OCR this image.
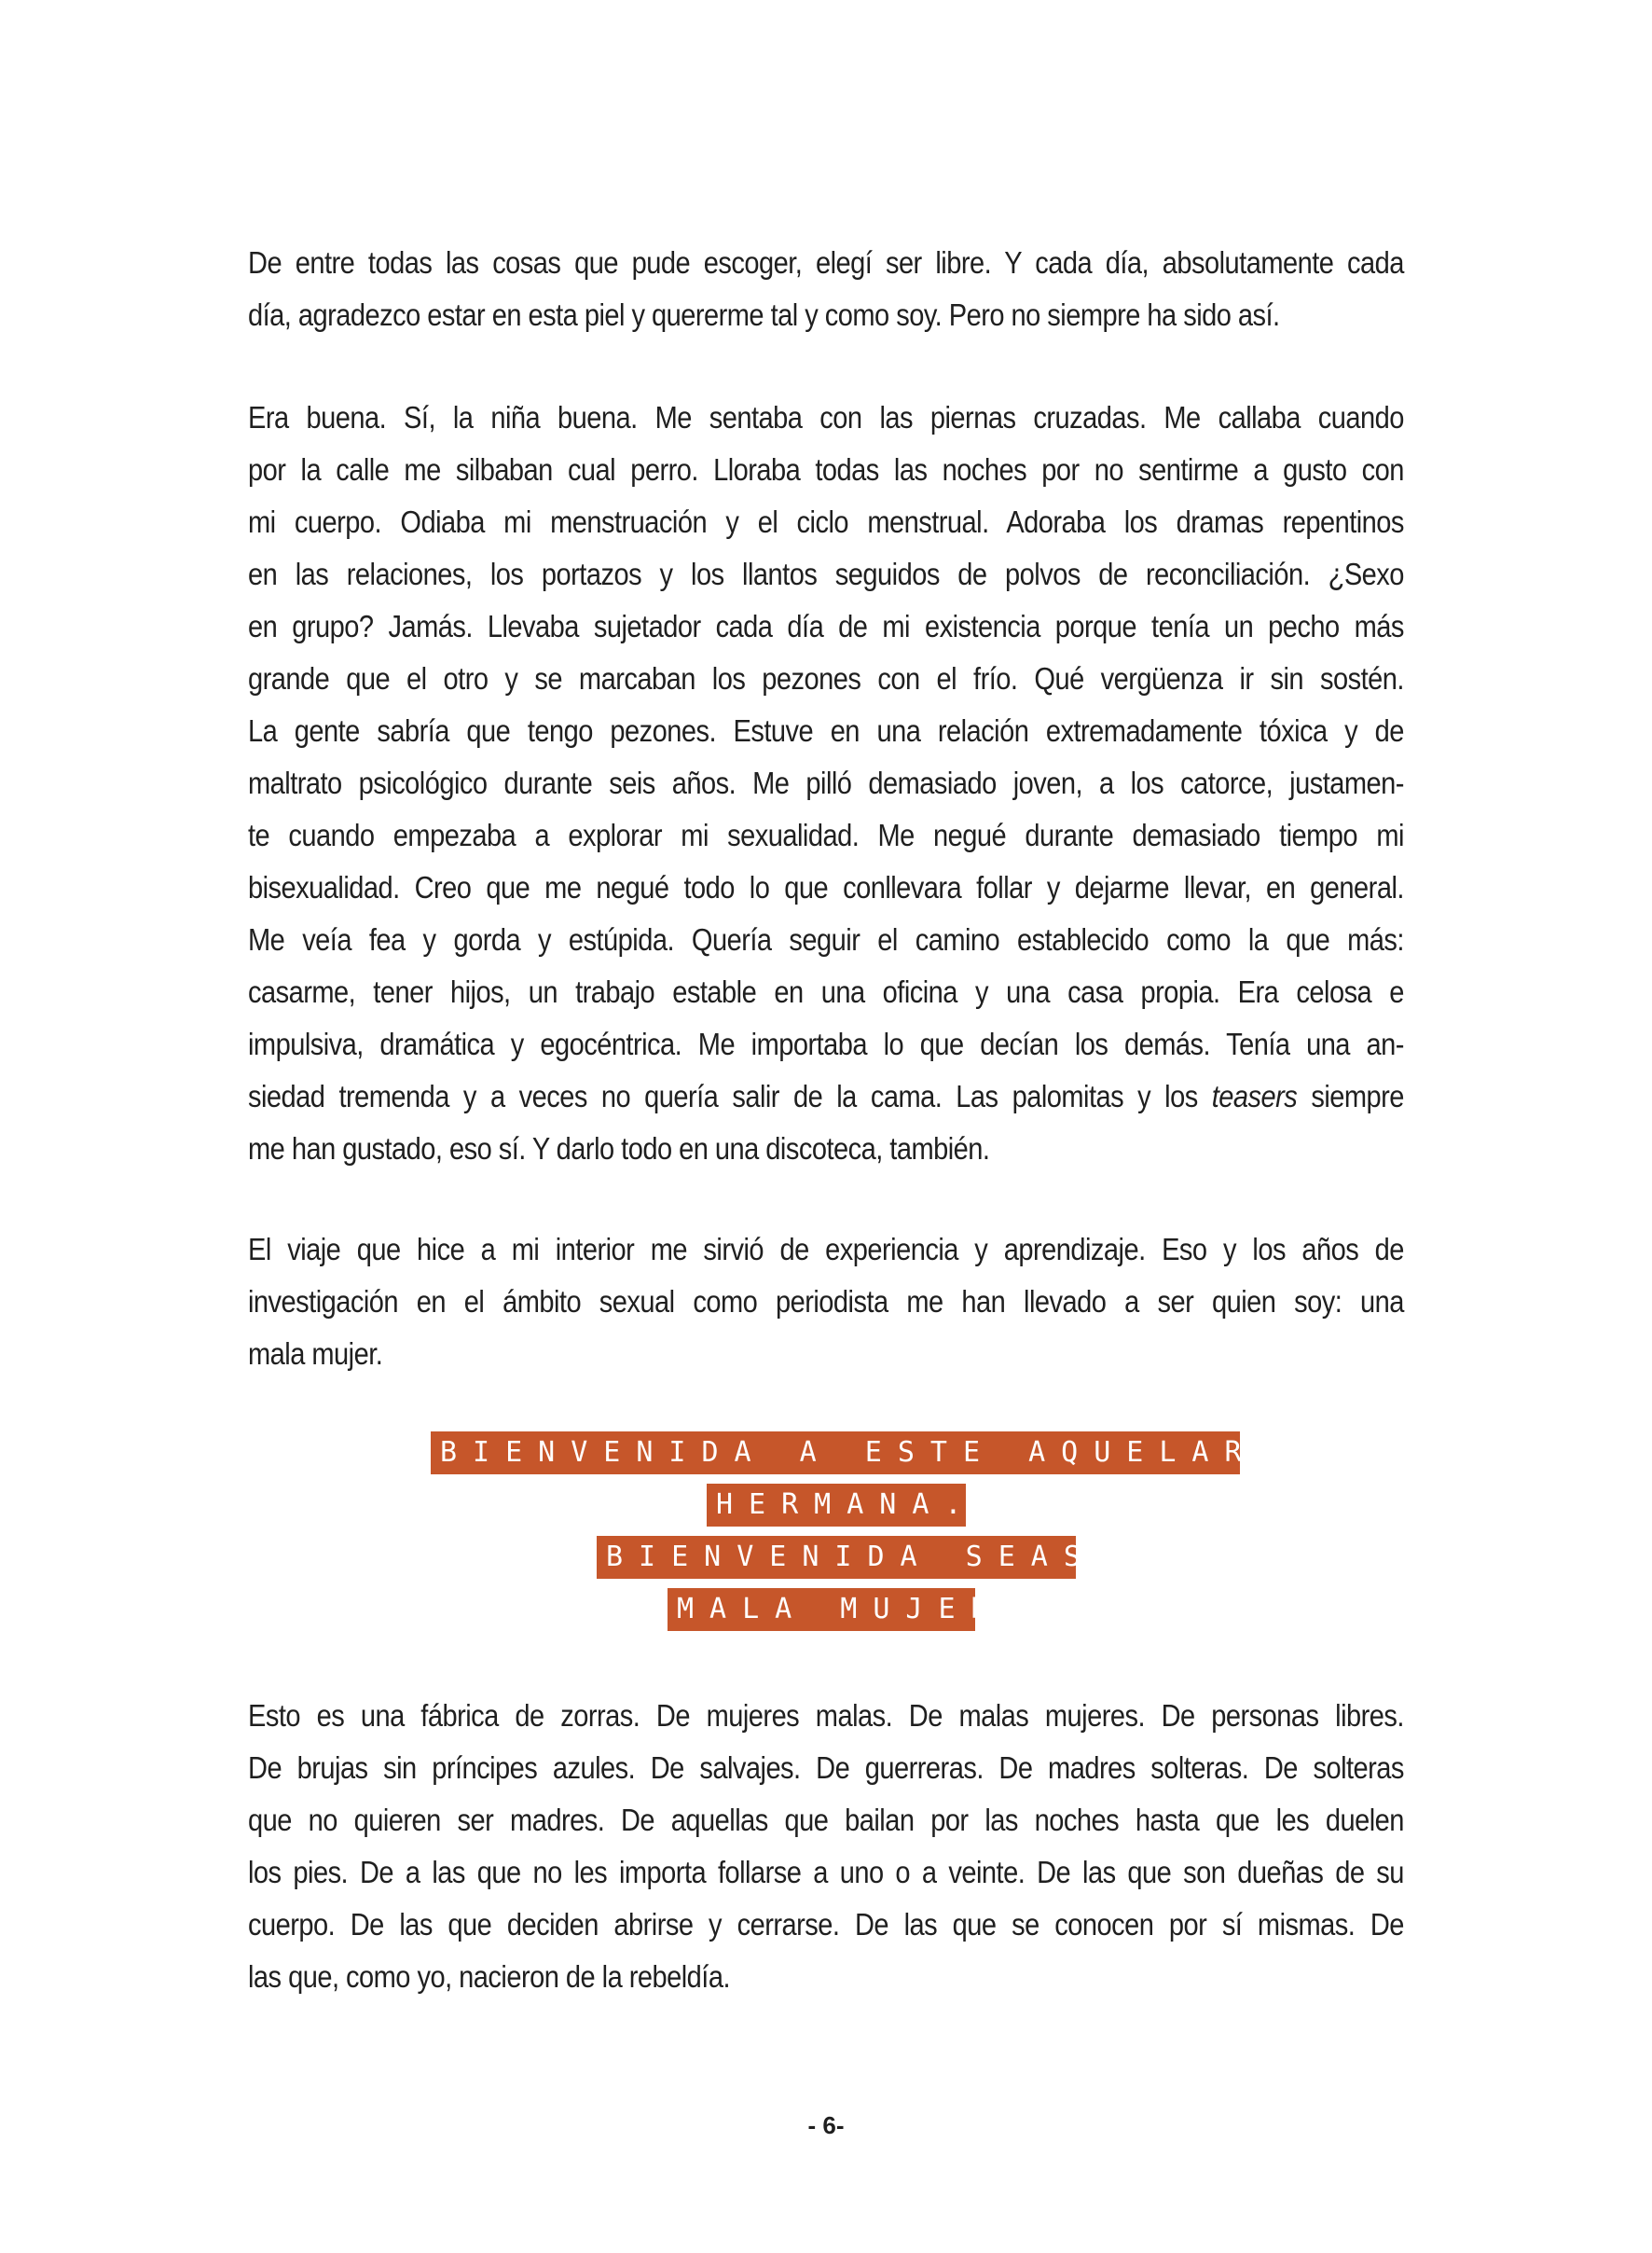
De entre todas las cosas que pude escoger, elegí ser libre. Y cada día, absolutamente cada
día, agradezco estar en esta piel y quererme tal y como soy. Pero no siempre ha sido así.
Era buena. Sí, la niña buena. Me sentaba con las piernas cruzadas. Me callaba cuando
por la calle me silbaban cual perro. Lloraba todas las noches por no sentirme a gusto con
mi cuerpo. Odiaba mi menstruación y el ciclo menstrual. Adoraba los dramas repentinos
en las relaciones, los portazos y los llantos seguidos de polvos de reconciliación. ¿Sexo
en grupo? Jamás. Llevaba sujetador cada día de mi existencia porque tenía un pecho más
grande que el otro y se marcaban los pezones con el frío. Qué vergüenza ir sin sostén.
La gente sabría que tengo pezones. Estuve en una relación extremadamente tóxica y de
maltrato psicológico durante seis años. Me pilló demasiado joven, a los catorce, justamen-
te cuando empezaba a explorar mi sexualidad. Me negué durante demasiado tiempo mi
bisexualidad. Creo que me negué todo lo que conllevara follar y dejarme llevar, en general.
Me veía fea y gorda y estúpida. Quería seguir el camino establecido como la que más:
casarme, tener hijos, un trabajo estable en una oficina y una casa propia. Era celosa e
impulsiva, dramática y egocéntrica. Me importaba lo que decían los demás. Tenía una an-
siedad tremenda y a veces no quería salir de la cama. Las palomitas y los teasers siempre
me han gustado, eso sí. Y darlo todo en una discoteca, también.
El viaje que hice a mi interior me sirvió de experiencia y aprendizaje. Eso y los años de
investigación en el ámbito sexual como periodista me han llevado a ser quien soy: una
mala mujer.
BIENVENIDA A ESTE AQUELARRE,
HERMANA.
BIENVENIDA SEAS,
MALA MUJER.
Esto es una fábrica de zorras. De mujeres malas. De malas mujeres. De personas libres.
De brujas sin príncipes azules. De salvajes. De guerreras. De madres solteras. De solteras
que no quieren ser madres. De aquellas que bailan por las noches hasta que les duelen
los pies. De a las que no les importa follarse a uno o a veinte. De las que son dueñas de su
cuerpo. De las que deciden abrirse y cerrarse. De las que se conocen por sí mismas. De
las que, como yo, nacieron de la rebeldía.
- 6-
